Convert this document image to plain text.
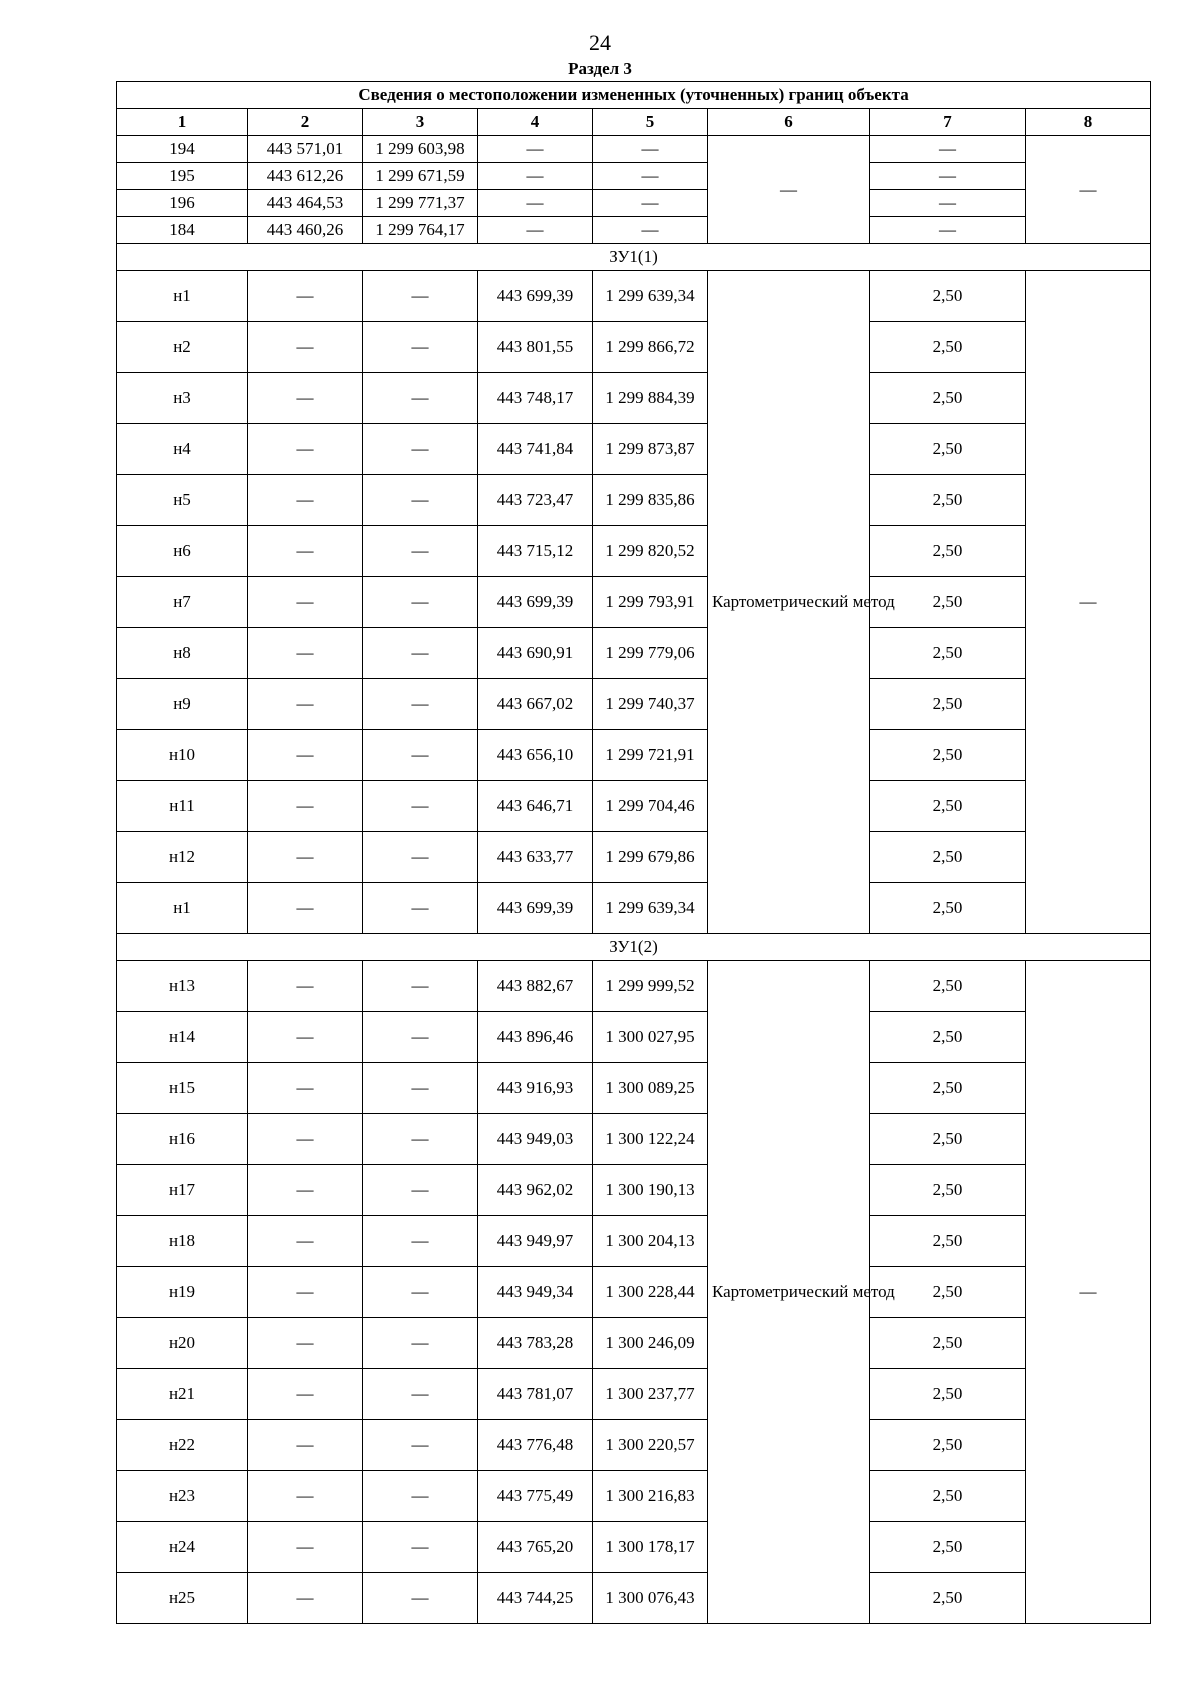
24
Раздел 3
Сведения о местоположении измененных (уточненных) границ объекта							
1	2	3	4	5	6	7	8
194	443 571,01	1 299 603,98	—	—	—	—	—
195	443 612,26	1 299 671,59	—	—		—	
196	443 464,53	1 299 771,37	—	—		—	
184	443 460,26	1 299 764,17	—	—		—	
ЗУ1(1)							
н1	—	—	443 699,39	1 299 639,34	Картометрический метод	2,50	—
н2	—	—	443 801,55	1 299 866,72		2,50	
н3	—	—	443 748,17	1 299 884,39		2,50	
н4	—	—	443 741,84	1 299 873,87		2,50	
н5	—	—	443 723,47	1 299 835,86		2,50	
н6	—	—	443 715,12	1 299 820,52		2,50	
н7	—	—	443 699,39	1 299 793,91		2,50	
н8	—	—	443 690,91	1 299 779,06		2,50	
н9	—	—	443 667,02	1 299 740,37		2,50	
н10	—	—	443 656,10	1 299 721,91		2,50	
н11	—	—	443 646,71	1 299 704,46		2,50	
н12	—	—	443 633,77	1 299 679,86		2,50	
н1	—	—	443 699,39	1 299 639,34		2,50	
ЗУ1(2)							
н13	—	—	443 882,67	1 299 999,52	Картометрический метод	2,50	—
н14	—	—	443 896,46	1 300 027,95		2,50	
н15	—	—	443 916,93	1 300 089,25		2,50	
н16	—	—	443 949,03	1 300 122,24		2,50	
н17	—	—	443 962,02	1 300 190,13		2,50	
н18	—	—	443 949,97	1 300 204,13		2,50	
н19	—	—	443 949,34	1 300 228,44		2,50	
н20	—	—	443 783,28	1 300 246,09		2,50	
н21	—	—	443 781,07	1 300 237,77		2,50	
н22	—	—	443 776,48	1 300 220,57		2,50	
н23	—	—	443 775,49	1 300 216,83		2,50	
н24	—	—	443 765,20	1 300 178,17		2,50	
н25	—	—	443 744,25	1 300 076,43		2,50	
